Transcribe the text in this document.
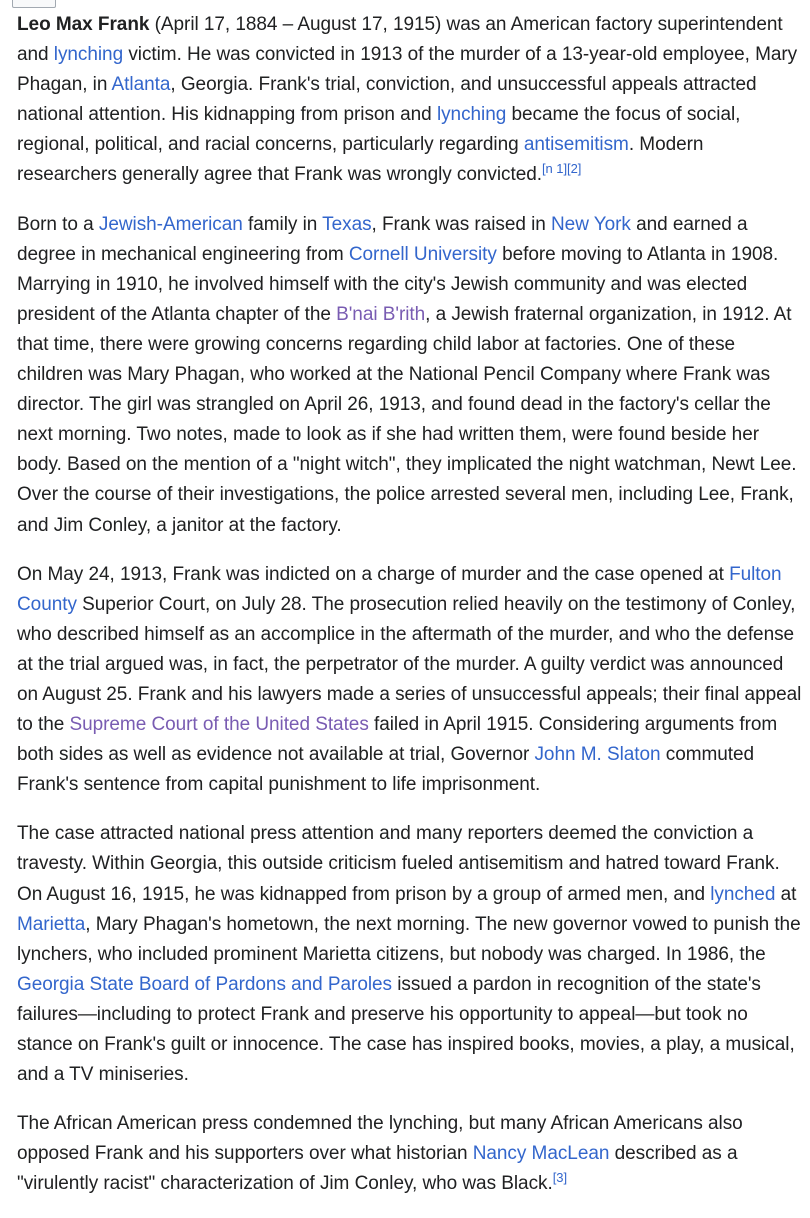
Leo Max Frank (April 17, 1884 – August 17, 1915) was an American factory superintendent and lynching victim. He was convicted in 1913 of the murder of a 13-year-old employee, Mary Phagan, in Atlanta, Georgia. Frank's trial, conviction, and unsuccessful appeals attracted national attention. His kidnapping from prison and lynching became the focus of social, regional, political, and racial concerns, particularly regarding antisemitism. Modern researchers generally agree that Frank was wrongly convicted.[n 1][2]

Born to a Jewish-American family in Texas, Frank was raised in New York and earned a degree in mechanical engineering from Cornell University before moving to Atlanta in 1908. Marrying in 1910, he involved himself with the city's Jewish community and was elected president of the Atlanta chapter of the B'nai B'rith, a Jewish fraternal organization, in 1912. At that time, there were growing concerns regarding child labor at factories. One of these children was Mary Phagan, who worked at the National Pencil Company where Frank was director. The girl was strangled on April 26, 1913, and found dead in the factory's cellar the next morning. Two notes, made to look as if she had written them, were found beside her body. Based on the mention of a "night witch", they implicated the night watchman, Newt Lee. Over the course of their investigations, the police arrested several men, including Lee, Frank, and Jim Conley, a janitor at the factory.

On May 24, 1913, Frank was indicted on a charge of murder and the case opened at Fulton County Superior Court, on July 28. The prosecution relied heavily on the testimony of Conley, who described himself as an accomplice in the aftermath of the murder, and who the defense at the trial argued was, in fact, the perpetrator of the murder. A guilty verdict was announced on August 25. Frank and his lawyers made a series of unsuccessful appeals; their final appeal to the Supreme Court of the United States failed in April 1915. Considering arguments from both sides as well as evidence not available at trial, Governor John M. Slaton commuted Frank's sentence from capital punishment to life imprisonment.

The case attracted national press attention and many reporters deemed the conviction a travesty. Within Georgia, this outside criticism fueled antisemitism and hatred toward Frank. On August 16, 1915, he was kidnapped from prison by a group of armed men, and lynched at Marietta, Mary Phagan's hometown, the next morning. The new governor vowed to punish the lynchers, who included prominent Marietta citizens, but nobody was charged. In 1986, the Georgia State Board of Pardons and Paroles issued a pardon in recognition of the state's failures—including to protect Frank and preserve his opportunity to appeal—but took no stance on Frank's guilt or innocence. The case has inspired books, movies, a play, a musical, and a TV miniseries.

The African American press condemned the lynching, but many African Americans also opposed Frank and his supporters over what historian Nancy MacLean described as a "virulently racist" characterization of Jim Conley, who was Black.[3]
